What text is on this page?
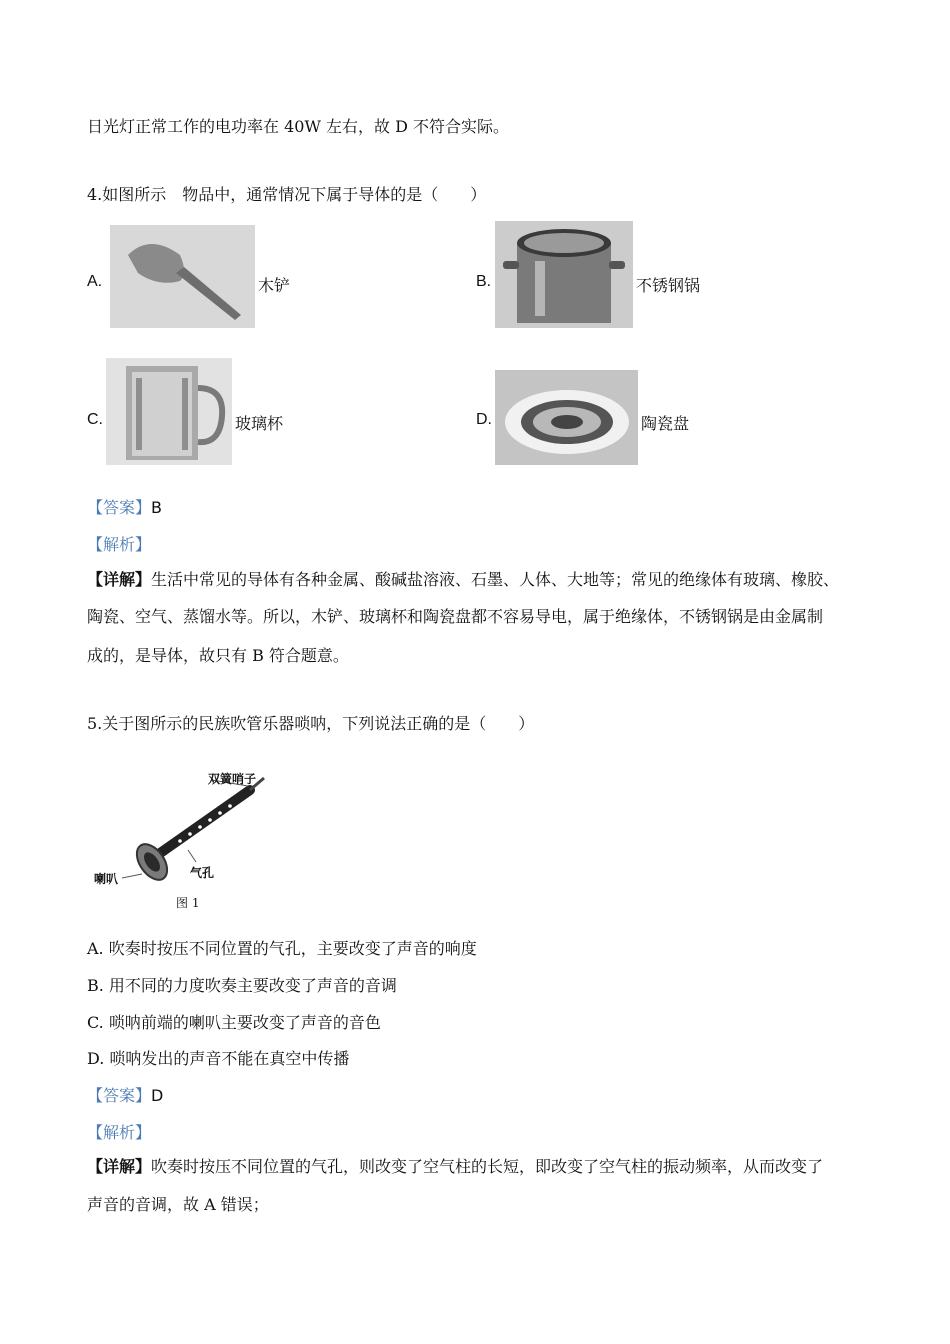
日光灯正常工作的电功率在 40W 左右，故 D 不符合实际。
4.如图所示　物品中，通常情况下属于导体的是（　　）
A.	木铲	B.	不锈钢锅
C.	玻璃杯	D.	陶瓷盘
【答案】B
【解析】
【详解】生活中常见的导体有各种金属、酸碱盐溶液、石墨、人体、大地等；常见的绝缘体有玻璃、橡胶、
陶瓷、空气、蒸馏水等。所以，木铲、玻璃杯和陶瓷盘都不容易导电，属于绝缘体，不锈钢锅是由金属制
成的，是导体，故只有 B 符合题意。
5.关于图所示的民族吹管乐器唢呐，下列说法正确的是（　　）
双簧哨子
气孔
喇叭
图 1
A. 吹奏时按压不同位置的气孔，主要改变了声音的响度
B. 用不同的力度吹奏主要改变了声音的音调
C. 唢呐前端的喇叭主要改变了声音的音色
D. 唢呐发出的声音不能在真空中传播
【答案】D
【解析】
【详解】吹奏时按压不同位置的气孔，则改变了空气柱的长短，即改变了空气柱的振动频率，从而改变了
声音的音调，故 A 错误；
